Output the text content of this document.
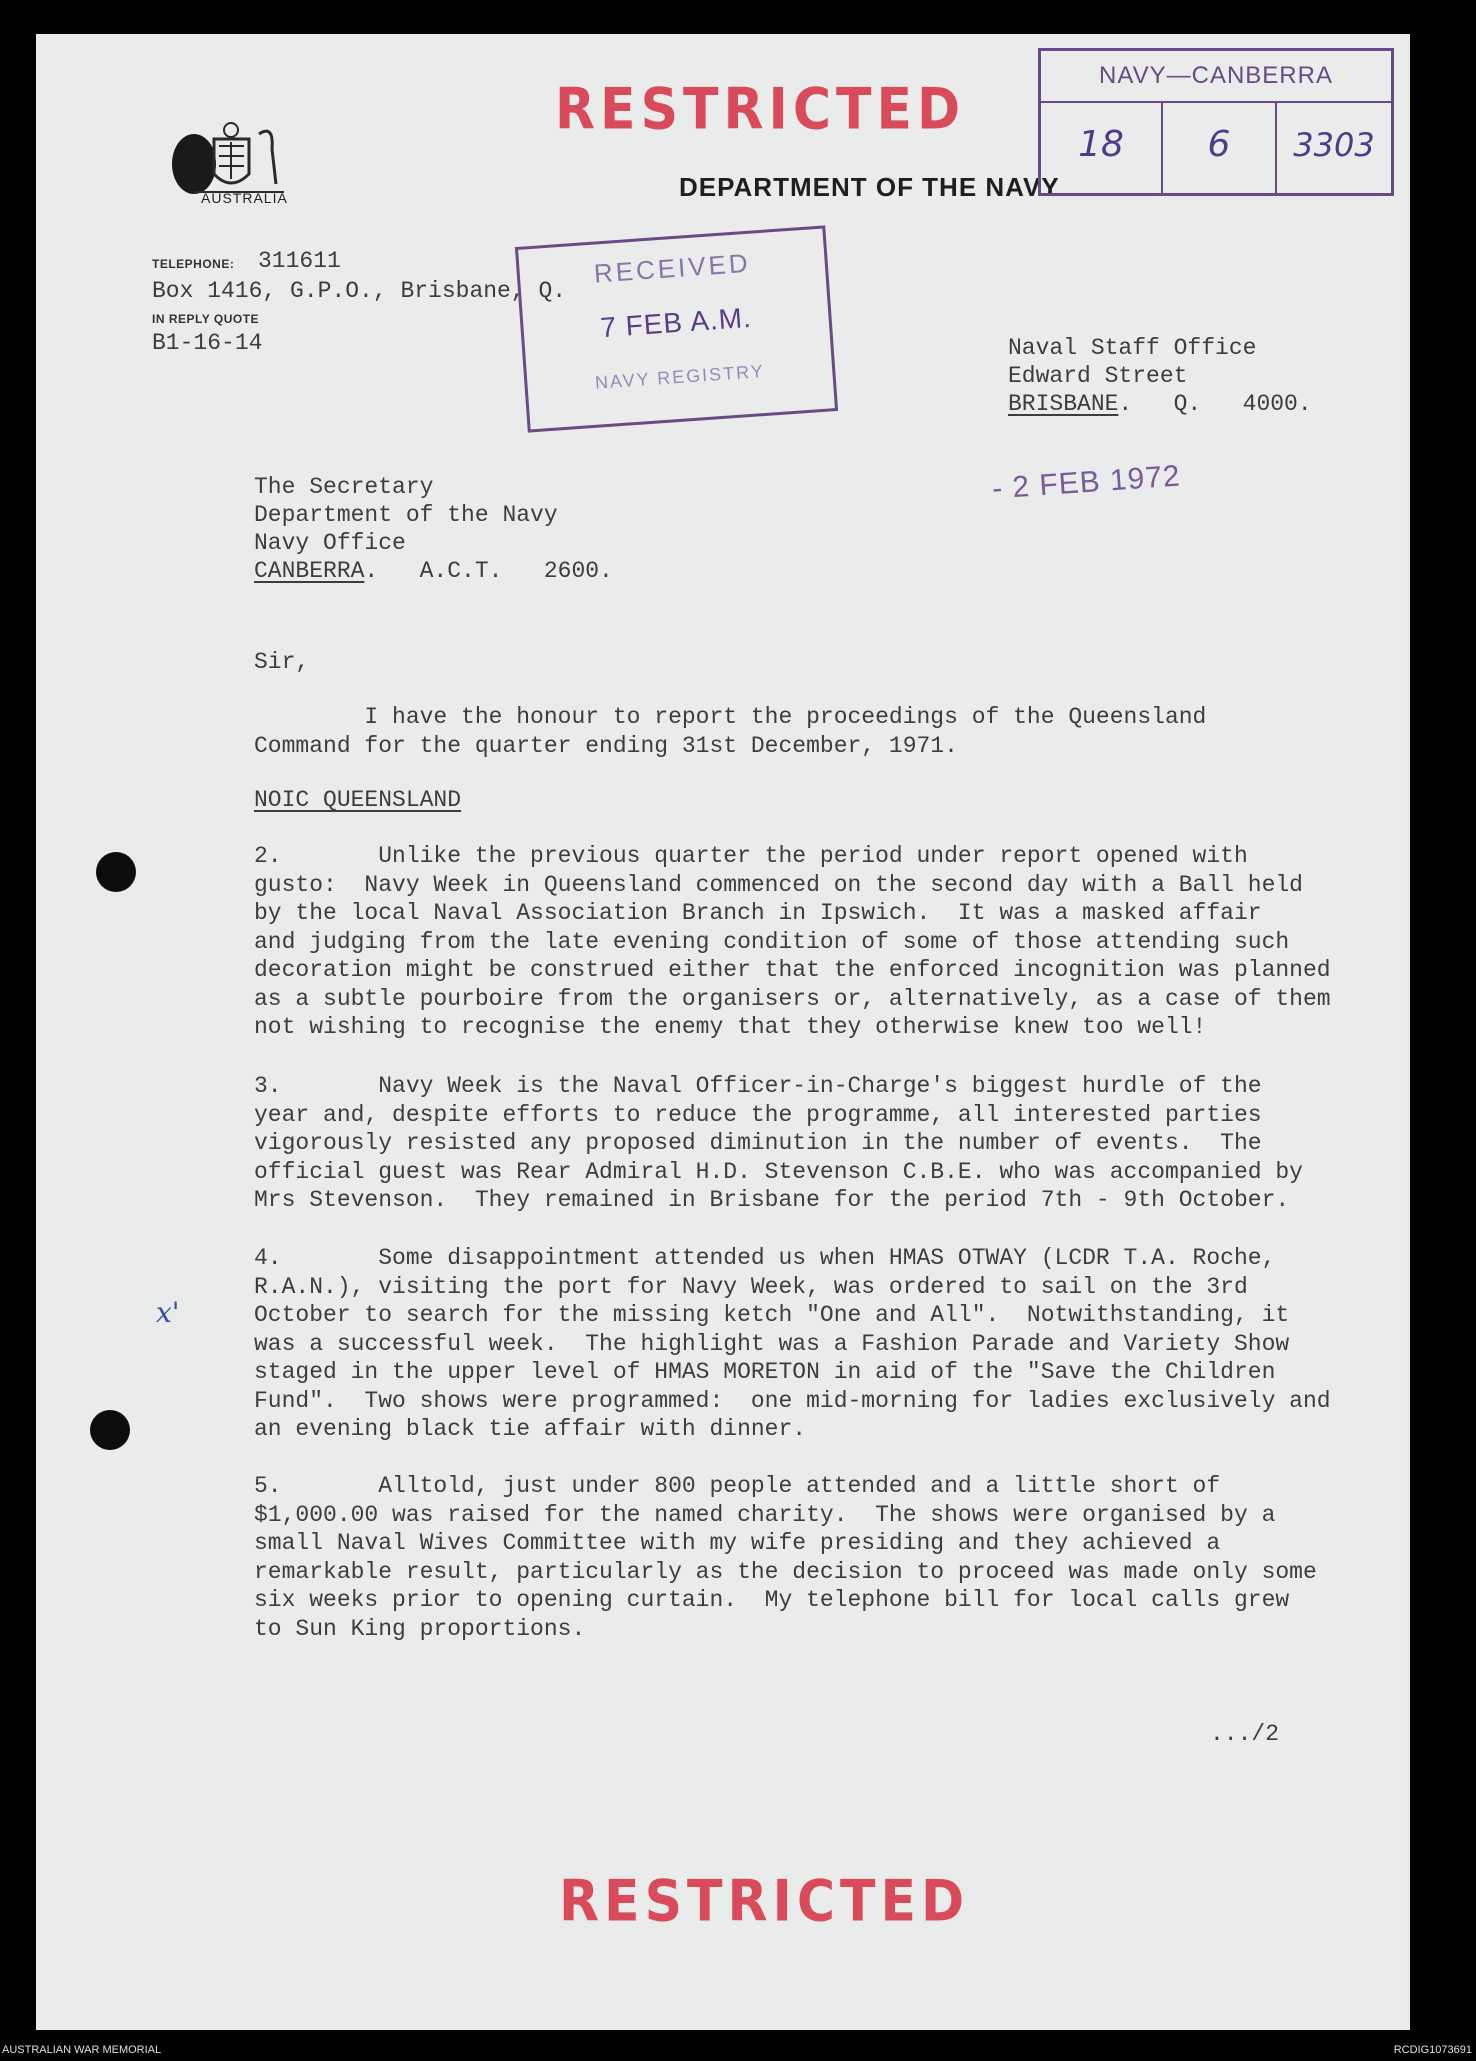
AUSTRALIA
RESTRICTED
DEPARTMENT OF THE NAVY
NAVY—CANBERRA
18	6	3303
TELEPHONE: 311611
Box 1416, G.P.O., Brisbane, Q.
IN REPLY QUOTE
B1-16-14
RECEIVED
7 FEB A.M.
NAVY REGISTRY
Naval Staff Office
Edward Street
BRISBANE.   Q.   4000.
- 2 FEB 1972
The Secretary
Department of the Navy
Navy Office
CANBERRA.   A.C.T.   2600.
Sir,
I have the honour to report the proceedings of the Queensland
Command for the quarter ending 31st December, 1971.
NOIC QUEENSLAND
2.       Unlike the previous quarter the period under report opened with
gusto:  Navy Week in Queensland commenced on the second day with a Ball held
by the local Naval Association Branch in Ipswich.  It was a masked affair
and judging from the late evening condition of some of those attending such
decoration might be construed either that the enforced incognition was planned
as a subtle pourboire from the organisers or, alternatively, as a case of them
not wishing to recognise the enemy that they otherwise knew too well!
3.       Navy Week is the Naval Officer-in-Charge's biggest hurdle of the
year and, despite efforts to reduce the programme, all interested parties
vigorously resisted any proposed diminution in the number of events.  The
official guest was Rear Admiral H.D. Stevenson C.B.E. who was accompanied by
Mrs Stevenson.  They remained in Brisbane for the period 7th - 9th October.
4.       Some disappointment attended us when HMAS OTWAY (LCDR T.A. Roche,
R.A.N.), visiting the port for Navy Week, was ordered to sail on the 3rd
October to search for the missing ketch "One and All".  Notwithstanding, it
was a successful week.  The highlight was a Fashion Parade and Variety Show
staged in the upper level of HMAS MORETON in aid of the "Save the Children
Fund".  Two shows were programmed:  one mid-morning for ladies exclusively and
an evening black tie affair with dinner.
5.       Alltold, just under 800 people attended and a little short of
$1,000.00 was raised for the named charity.  The shows were organised by a
small Naval Wives Committee with my wife presiding and they achieved a
remarkable result, particularly as the decision to proceed was made only some
six weeks prior to opening curtain.  My telephone bill for local calls grew
to Sun King proportions.
x'
.../2
RESTRICTED
AUSTRALIAN WAR MEMORIAL	RCDIG1073691
